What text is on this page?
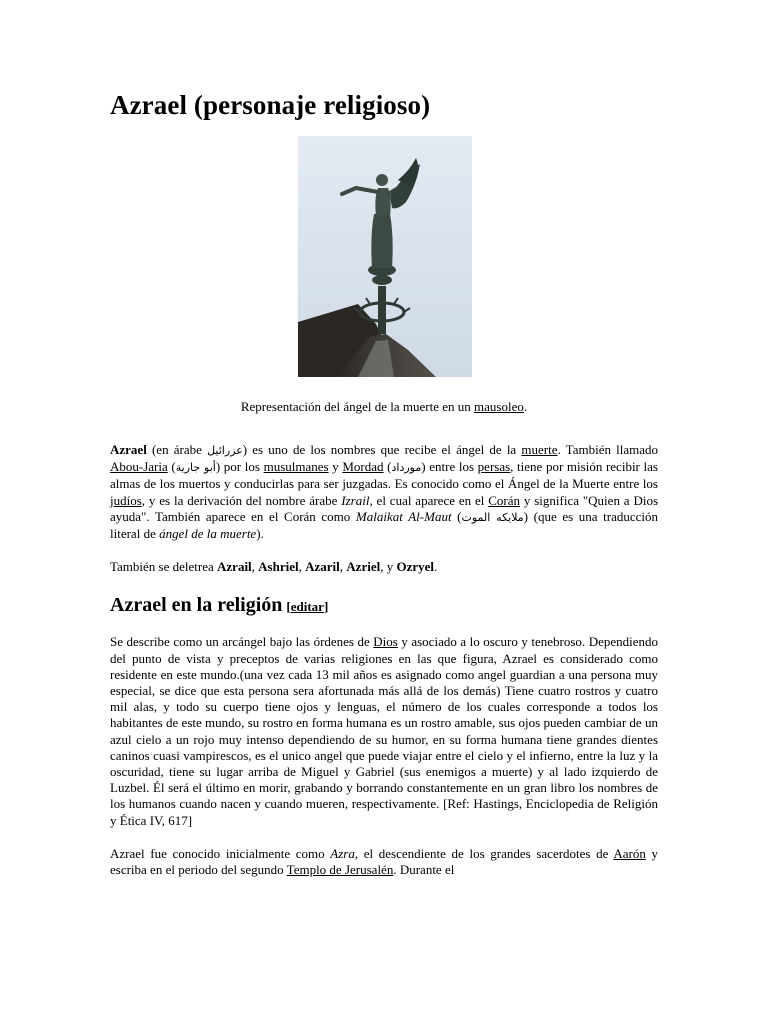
Azrael (personaje religioso)
Representación del ángel de la muerte en un mausoleo.

Azrael (en árabe عزرائيل) es uno de los nombres que recibe el ángel de la muerte. También llamado Abou-Jaria (أبو جارية) por los musulmanes y Mordad (مورداد) entre los persas, tiene por misión recibir las almas de los muertos y conducirlas para ser juzgadas. Es conocido como el Ángel de la Muerte entre los judíos, y es la derivación del nombre árabe Izrail, el cual aparece en el Corán y significa "Quien a Dios ayuda". También aparece en el Corán como Malaikat Al-Maut (ملايكه الموت) (que es una traducción literal de ángel de la muerte).

También se deletrea Azrail, Ashriel, Azaril, Azriel, y Ozryel.

Azrael en la religión [editar]

Se describe como un arcángel bajo las órdenes de Dios y asociado a lo oscuro y tenebroso. Dependiendo del punto de vista y preceptos de varias religiones en las que figura, Azrael es considerado como residente en este mundo.(una vez cada 13 mil años es asignado como angel guardian a una persona muy especial, se dice que esta persona sera afortunada más allá de los demás) Tiene cuatro rostros y cuatro mil alas, y todo su cuerpo tiene ojos y lenguas, el número de los cuales corresponde a todos los habitantes de este mundo, su rostro en forma humana es un rostro amable, sus ojos pueden cambiar de un azul cielo a un rojo muy intenso dependiendo de su humor, en su forma humana tiene grandes dientes caninos cuasi vampirescos, es el unico angel que puede viajar entre el cielo y el infierno, entre la luz y la oscuridad, tiene su lugar arriba de Miguel y Gabriel (sus enemigos a muerte) y al lado izquierdo de Luzbel. Él será el último en morir, grabando y borrando constantemente en un gran libro los nombres de los humanos cuando nacen y cuando mueren, respectivamente. [Ref: Hastings, Enciclopedia de Religión y Ética IV, 617]

Azrael fue conocido inicialmente como Azra, el descendiente de los grandes sacerdotes de Aarón y escriba en el periodo del segundo Templo de Jerusalén. Durante el
